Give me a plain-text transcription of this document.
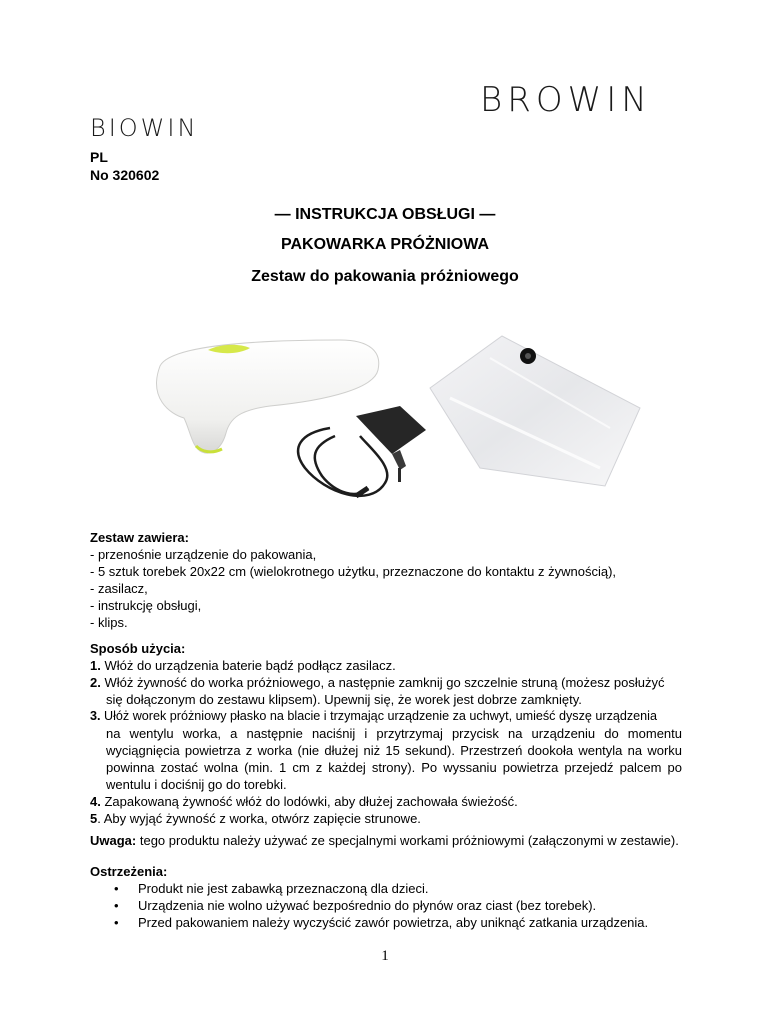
BROWIN
BIOWIN
PL
No 320602
— INSTRUKCJA OBSŁUGI —
PAKOWARKA PRÓŻNIOWA
Zestaw do pakowania próżniowego
Zestaw zawiera:
- przenośnie urządzenie do pakowania,
- 5 sztuk torebek 20x22 cm (wielokrotnego użytku, przeznaczone do kontaktu z żywnością),
- zasilacz,
- instrukcję obsługi,
- klips.
Sposób użycia:
1. Włóż do urządzenia baterie bądź podłącz zasilacz.
2. Włóż żywność do worka próżniowego, a następnie zamknij go szczelnie struną (możesz posłużyć
się dołączonym do zestawu klipsem). Upewnij się, że worek jest dobrze zamknięty.
3. Ułóż worek próżniowy płasko na blacie i trzymając urządzenie za uchwyt, umieść dyszę urządzenia
na wentylu worka, a następnie naciśnij i przytrzymaj przycisk na urządzeniu do momentu wyciągnięcia powietrza z worka (nie dłużej niż 15 sekund). Przestrzeń dookoła wentyla na worku powinna zostać wolna (min. 1 cm z każdej strony). Po wyssaniu powietrza przejedź palcem po wentulu i dociśnij go do torebki.
4. Zapakowaną żywność włóż do lodówki, aby dłużej zachowała świeżość.
5. Aby wyjąć żywność z worka, otwórz zapięcie strunowe.
Uwaga: tego produktu należy używać ze specjalnymi workami próżniowymi (załączonymi w zestawie).
Ostrzeżenia:
•	Produkt nie jest zabawką przeznaczoną dla dzieci.
•	Urządzenia nie wolno używać bezpośrednio do płynów oraz ciast (bez torebek).
•	Przed pakowaniem należy wyczyścić zawór powietrza, aby uniknąć zatkania urządzenia.
1
